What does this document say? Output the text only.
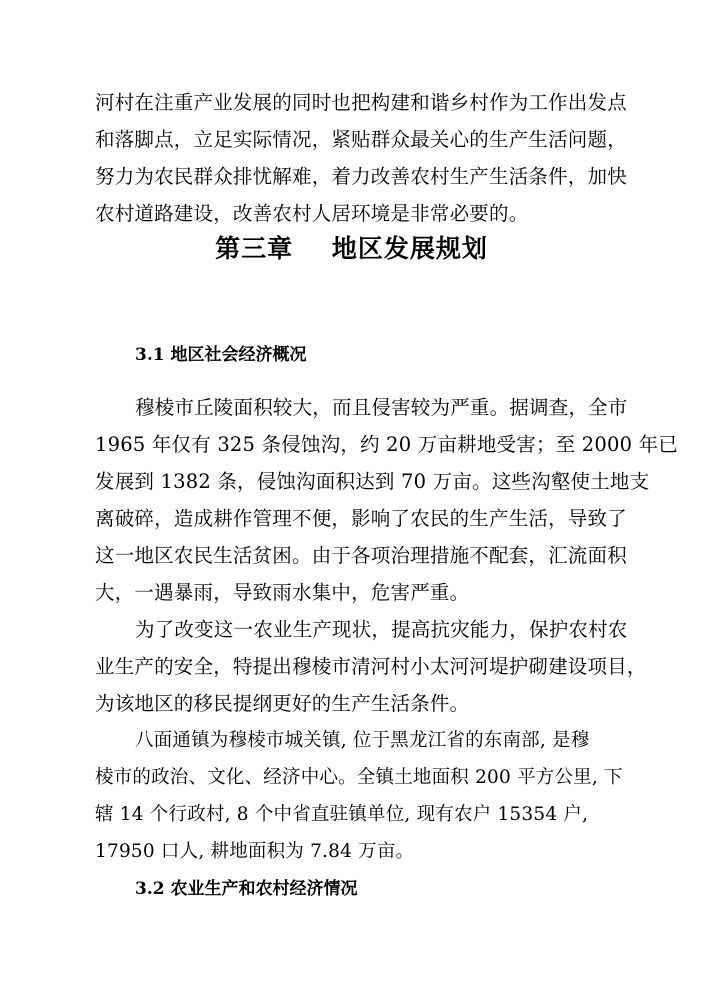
河村在注重产业发展的同时也把构建和谐乡村作为工作出发点
和落脚点，立足实际情况，紧贴群众最关心的生产生活问题，
努力为农民群众排忧解难，着力改善农村生产生活条件，加快
农村道路建设，改善农村人居环境是非常必要的。
第三章    地区发展规划
3.1 地区社会经济概况
穆棱市丘陵面积较大，而且侵害较为严重。据调查，全市
1965 年仅有 325 条侵蚀沟，约 20 万亩耕地受害；至 2000 年已
发展到 1382 条，侵蚀沟面积达到 70 万亩。这些沟壑使土地支
离破碎，造成耕作管理不便，影响了农民的生产生活，导致了
这一地区农民生活贫困。由于各项治理措施不配套，汇流面积
大，一遇暴雨，导致雨水集中，危害严重。
为了改变这一农业生产现状，提高抗灾能力，保护农村农
业生产的安全，特提出穆棱市清河村小太河河堤护砌建设项目，
为该地区的移民提纲更好的生产生活条件。
八面通镇为穆棱市城关镇, 位于黑龙江省的东南部, 是穆
棱市的政治、文化、经济中心。全镇土地面积 200 平方公里, 下
辖 14 个行政村, 8 个中省直驻镇单位, 现有农户 15354 户,
17950 口人, 耕地面积为 7.84 万亩。
3.2 农业生产和农村经济情况
